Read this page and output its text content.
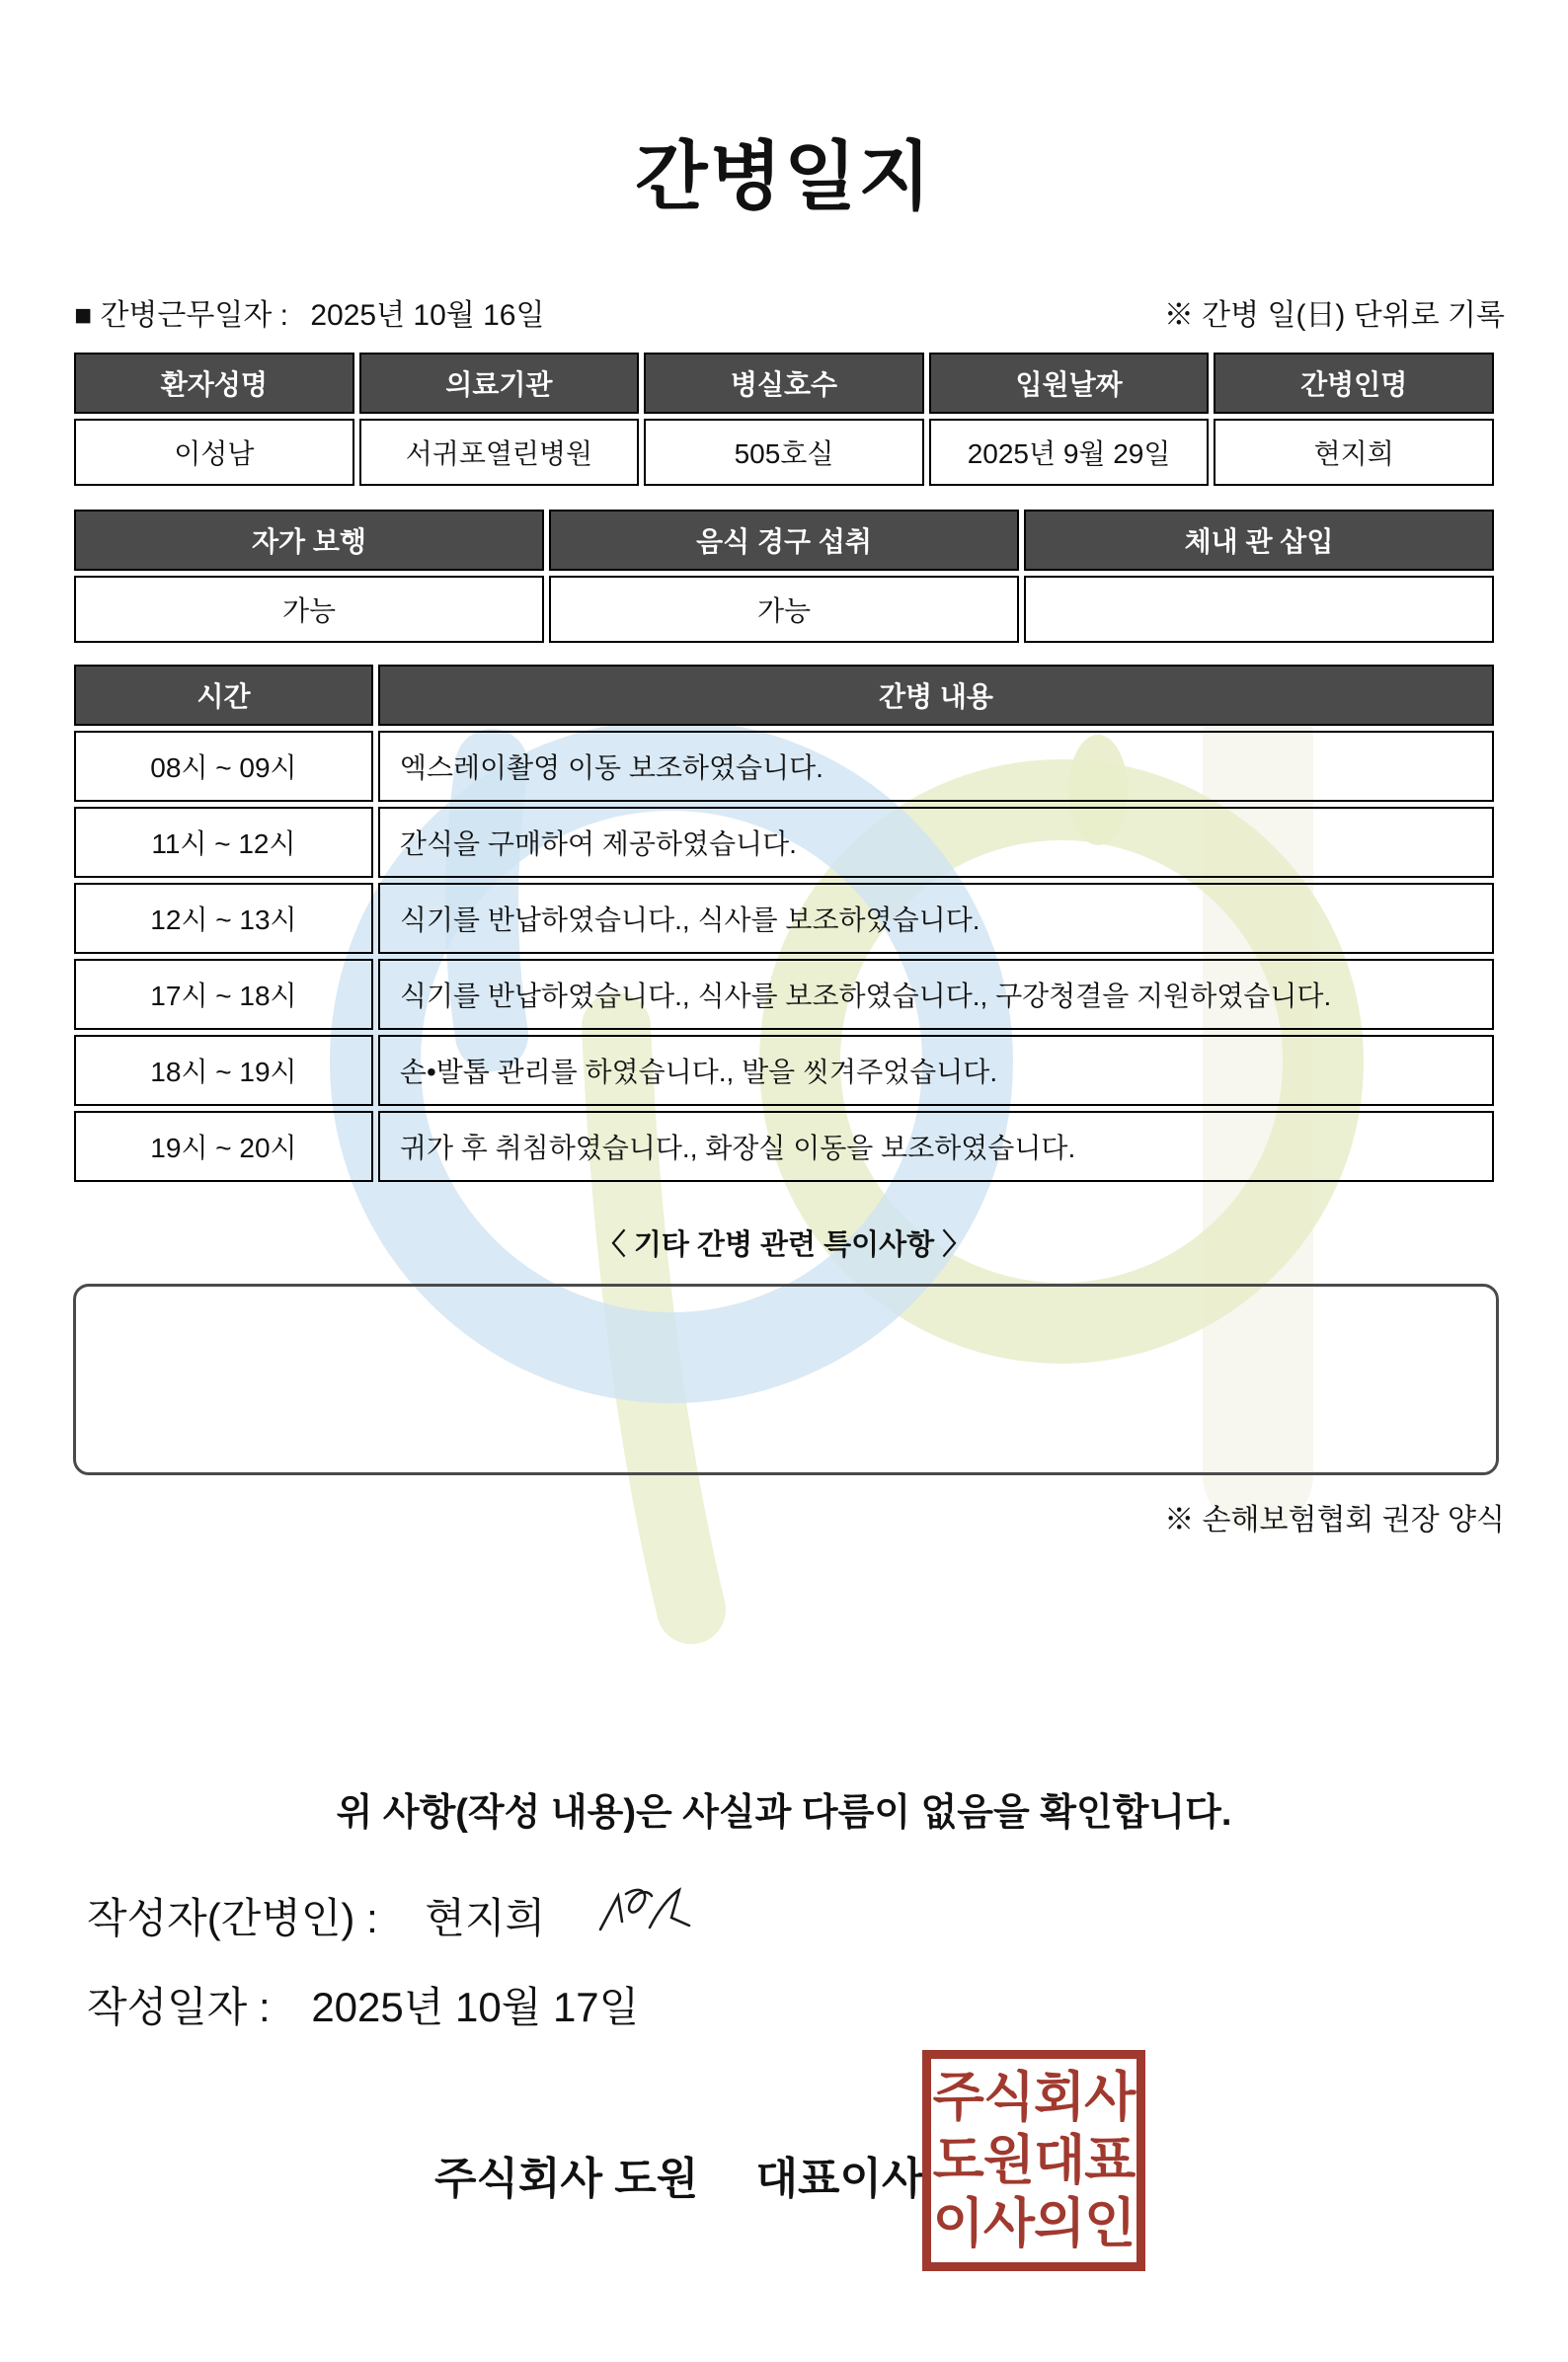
간병일지
■ 간병근무일자 : 2025년 10월 16일	※ 간병 일(日) 단위로 기록
환자성명	의료기관	병실호수	입원날짜	간병인명
이성남	서귀포열린병원	505호실	2025년 9월 29일	현지희
자가 보행	음식 경구 섭취	체내 관 삽입
가능	가능	
시간	간병 내용
08시 ~ 09시	엑스레이촬영 이동 보조하였습니다.
11시 ~ 12시	간식을 구매하여 제공하였습니다.
12시 ~ 13시	식기를 반납하였습니다., 식사를 보조하였습니다.
17시 ~ 18시	식기를 반납하였습니다., 식사를 보조하였습니다., 구강청결을 지원하였습니다.
18시 ~ 19시	손•발톱 관리를 하였습니다., 발을 씻겨주었습니다.
19시 ~ 20시	귀가 후 취침하였습니다., 화장실 이동을 보조하였습니다.
〈 기타 간병 관련 특이사항 〉
※ 손해보험협회 권장 양식
위 사항(작성 내용)은 사실과 다름이 없음을 확인합니다.
작성자(간병인) : 현지희
작성일자 : 2025년 10월 17일
주식회사 도원 대표이사
주식회사
도원대표
이사의인
